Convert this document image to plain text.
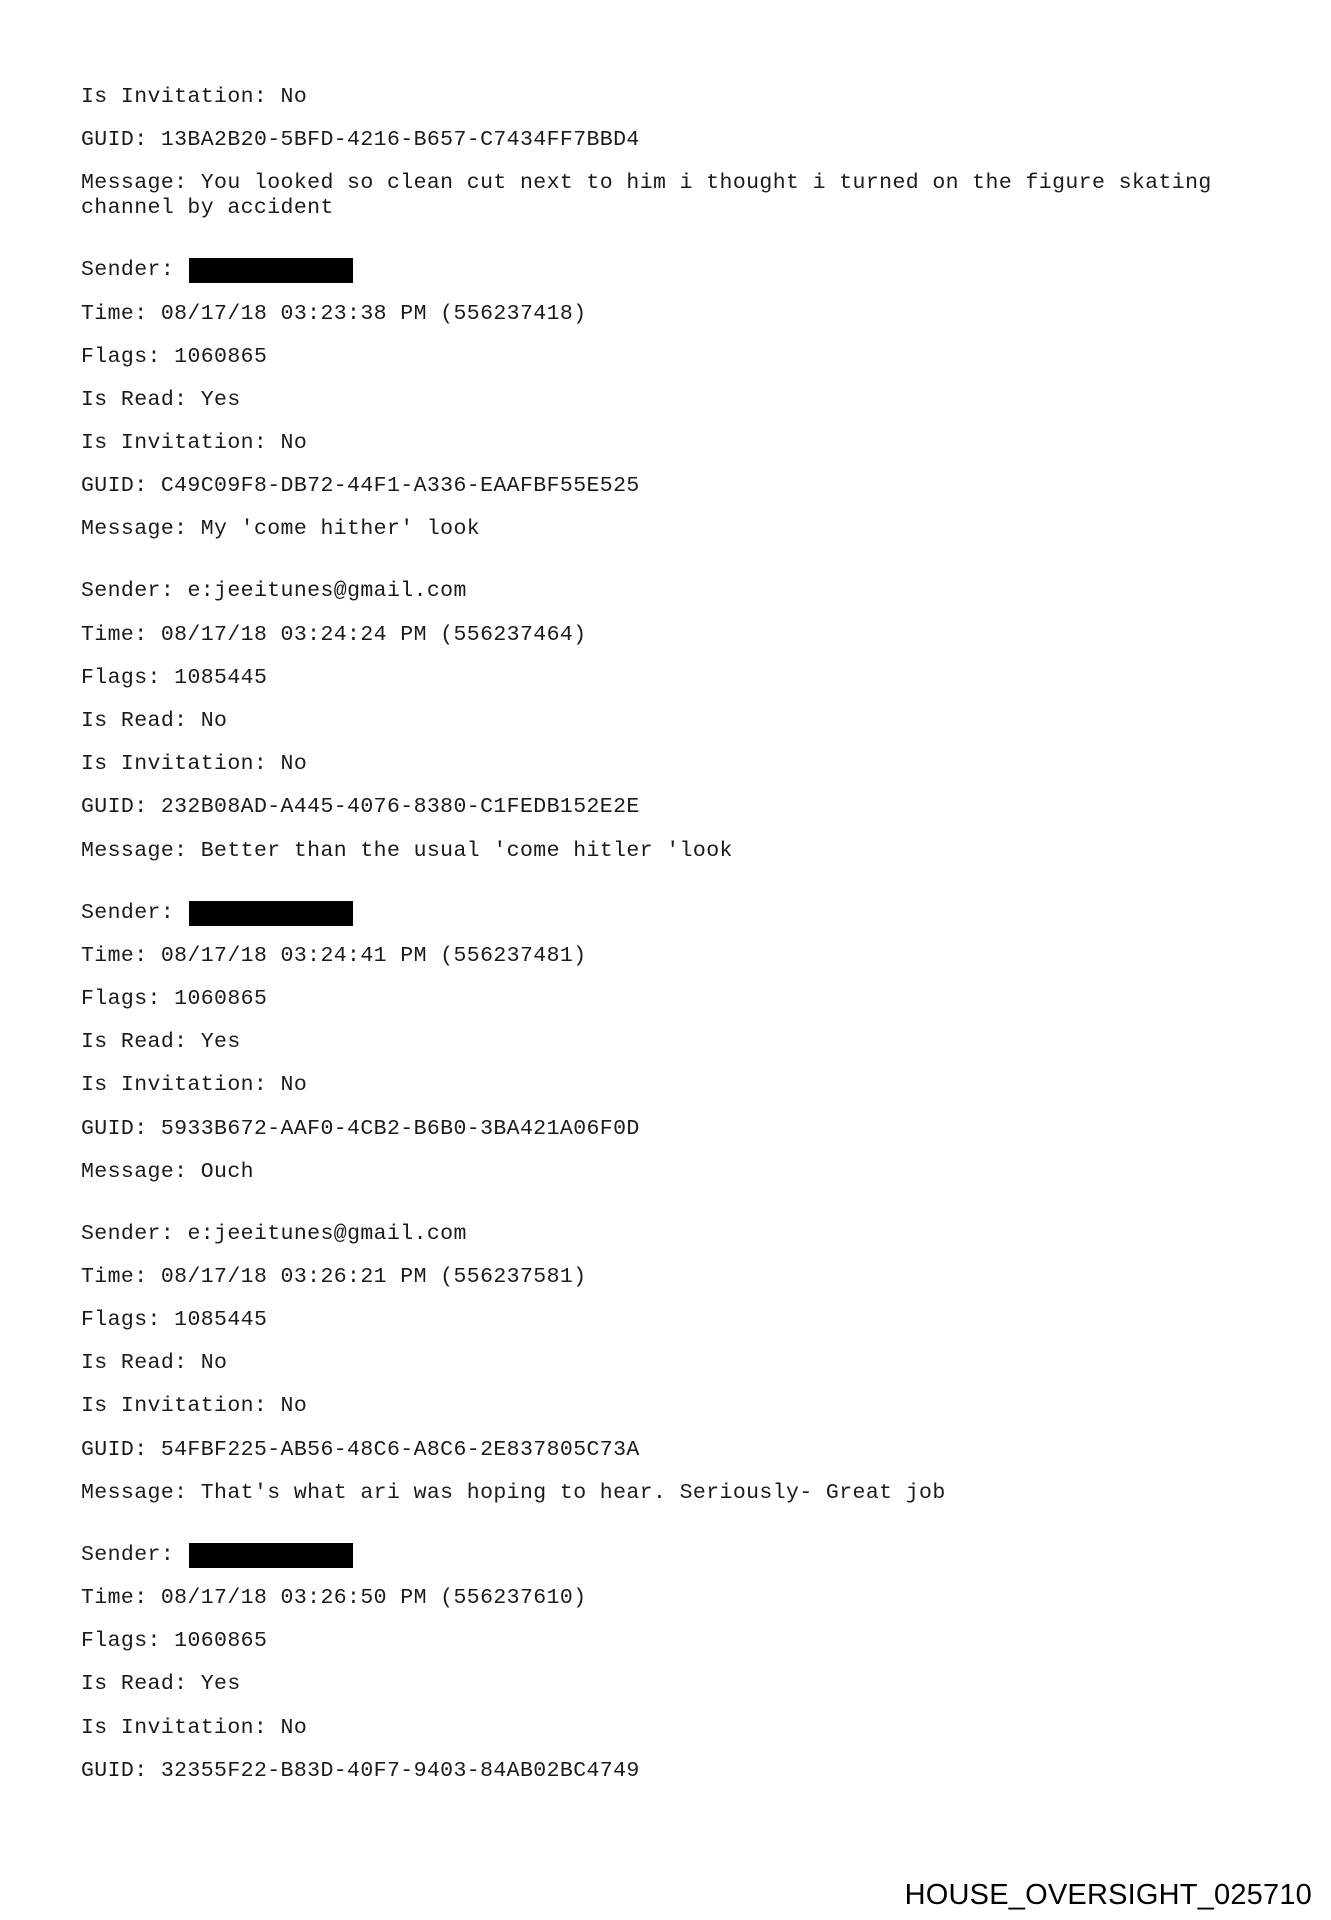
Is Invitation: No
GUID: 13BA2B20-5BFD-4216-B657-C7434FF7BBD4
Message: You looked so clean cut next to him i thought i turned on the figure skating
channel by accident
Sender:
Time: 08/17/18 03:23:38 PM (556237418)
Flags: 1060865
Is Read: Yes
Is Invitation: No
GUID: C49C09F8-DB72-44F1-A336-EAAFBF55E525
Message: My 'come hither' look
Sender: e:jeeitunes@gmail.com
Time: 08/17/18 03:24:24 PM (556237464)
Flags: 1085445
Is Read: No
Is Invitation: No
GUID: 232B08AD-A445-4076-8380-C1FEDB152E2E
Message: Better than the usual 'come hitler 'look
Sender:
Time: 08/17/18 03:24:41 PM (556237481)
Flags: 1060865
Is Read: Yes
Is Invitation: No
GUID: 5933B672-AAF0-4CB2-B6B0-3BA421A06F0D
Message: Ouch
Sender: e:jeeitunes@gmail.com
Time: 08/17/18 03:26:21 PM (556237581)
Flags: 1085445
Is Read: No
Is Invitation: No
GUID: 54FBF225-AB56-48C6-A8C6-2E837805C73A
Message: That's what ari was hoping to hear. Seriously- Great job
Sender:
Time: 08/17/18 03:26:50 PM (556237610)
Flags: 1060865
Is Read: Yes
Is Invitation: No
GUID: 32355F22-B83D-40F7-9403-84AB02BC4749
HOUSE_OVERSIGHT_025710
